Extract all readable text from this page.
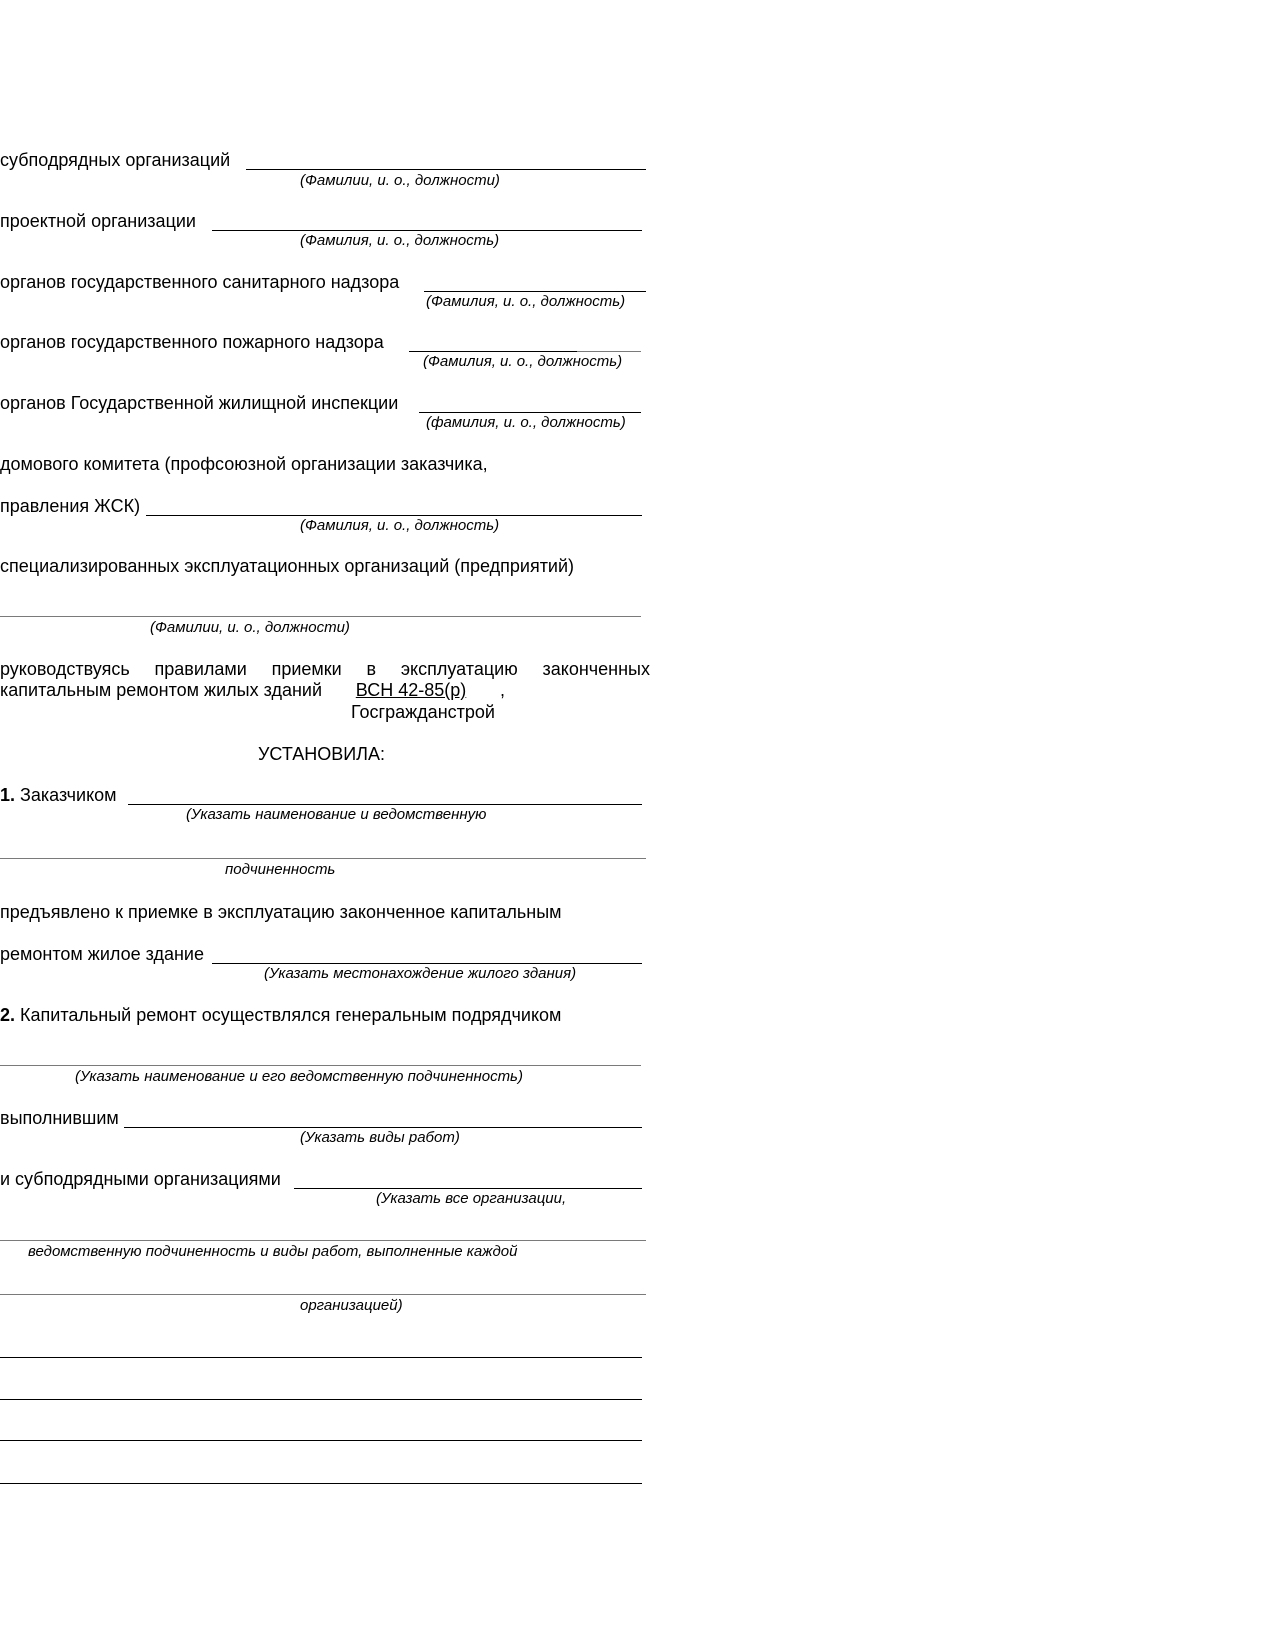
субподрядных организаций
(Фамилии, и. о., должности)
проектной организации
(Фамилия, и. о., должность)
органов государственного санитарного надзора
(Фамилия, и. о., должность)
органов государственного пожарного надзора
(Фамилия, и. о., должность)
органов Государственной жилищной инспекции
(фамилия, и. о., должность)
домового комитета (профсоюзной организации заказчика,
правления ЖСК)
(Фамилия, и. о., должность)
специализированных эксплуатационных организаций (предприятий)
(Фамилии, и. о., должности)
руководствуясь правилами приемки в эксплуатацию законченных
капитальным ремонтом жилых зданий ВСН 42-85(р) ,
Госгражданстрой
УСТАНОВИЛА:
1. Заказчиком
(Указать наименование и ведомственную
подчиненность
предъявлено к приемке в эксплуатацию законченное капитальным
ремонтом жилое здание
(Указать местонахождение жилого здания)
2. Капитальный ремонт осуществлялся генеральным подрядчиком
(Указать наименование и его ведомственную подчиненность)
выполнившим
(Указать виды работ)
и субподрядными организациями
(Указать все организации,
ведомственную подчиненность и виды работ, выполненные каждой
организацией)
